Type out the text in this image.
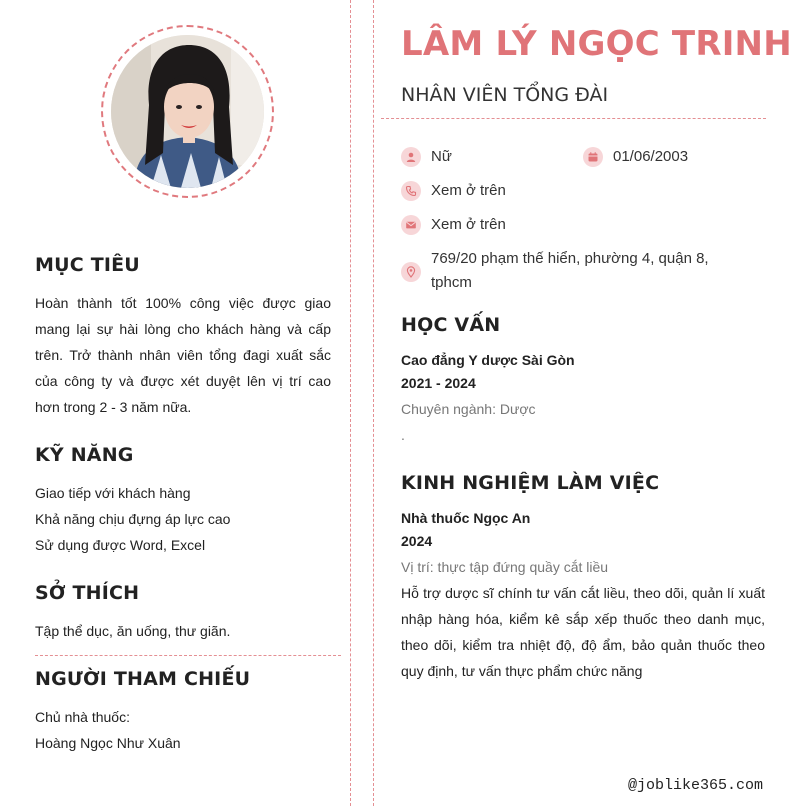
MỤC TIÊU
Hoàn thành tốt 100% công việc được giao mang lại sự hài lòng cho khách hàng và cấp trên. Trở thành nhân viên tổng đagi xuất sắc của công ty và được xét duyệt lên vị trí cao hơn trong 2 - 3 năm nữa.
KỸ NĂNG
Giao tiếp với khách hàng
Khả năng chịu đựng áp lực cao
Sử dụng được Word, Excel
SỞ THÍCH
Tập thể dục, ăn uống, thư giãn.
NGƯỜI THAM CHIẾU
Chủ nhà thuốc:
Hoàng Ngọc Như Xuân
LÂM LÝ NGỌC TRINH
NHÂN VIÊN TỔNG ĐÀI
Nữ	01/06/2003
Xem ở trên
Xem ở trên
769/20 phạm thế hiển, phường 4, quận 8, tphcm
HỌC VẤN
Cao đẳng Y dược Sài Gòn
2021 - 2024
Chuyên ngành: Dược
.
KINH NGHIỆM LÀM VIỆC
Nhà thuốc Ngọc An
2024
Vị trí: thực tập đứng quầy cắt liều
Hỗ trợ dược sĩ chính tư vấn cắt liều, theo dõi, quản lí xuất nhập hàng hóa, kiểm kê sắp xếp thuốc theo danh mục, theo dõi, kiểm tra nhiệt độ, độ ẩm, bảo quản thuốc theo quy định, tư vấn thực phẩm chức năng
@joblike365.com
